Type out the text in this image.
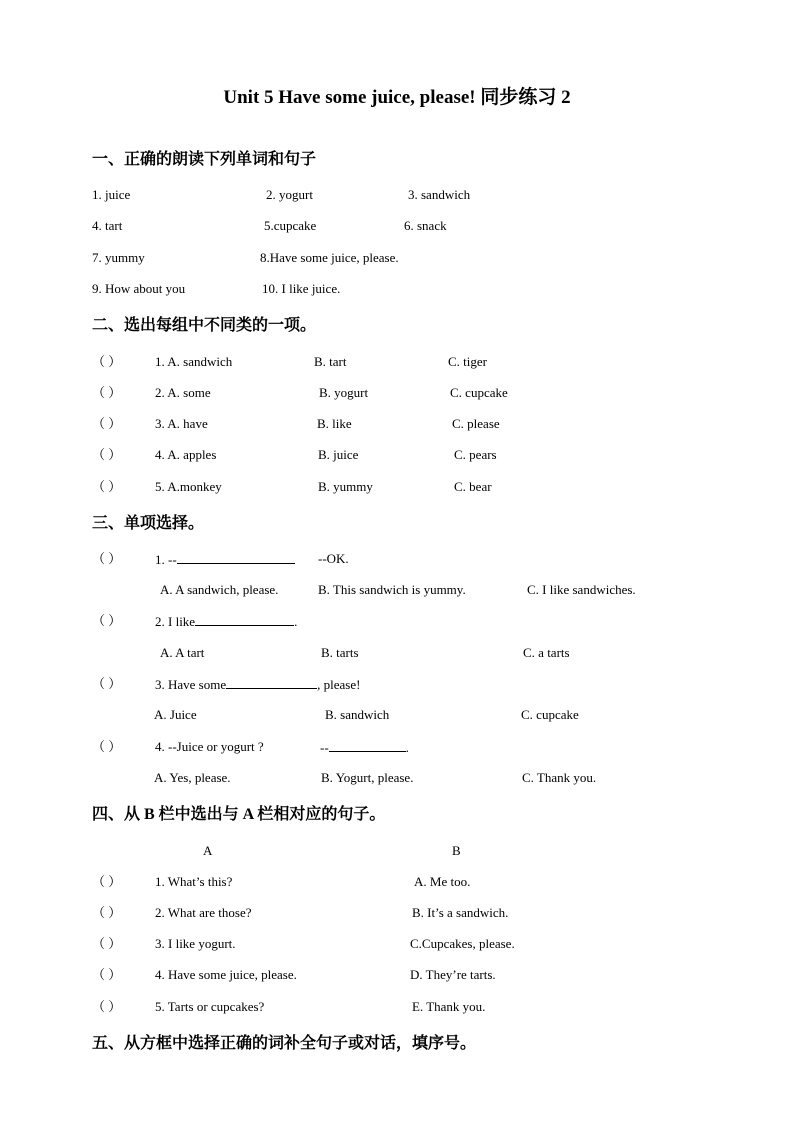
Unit 5 Have some juice, please! 同步练习 2
一、正确的朗读下列单词和句子
1. juice	2. yogurt	3. sandwich
4. tart	5.cupcake	6. snack
7. yummy	8.Have some juice, please.
9. How about you	10. I like juice.
二、选出每组中不同类的一项。
（ ）	1. A. sandwich	B. tart	C. tiger
（ ）	2. A. some	B. yogurt	C. cupcake
（ ）	3. A. have	B. like	C. please
（ ）	4. A. apples	B. juice	C. pears
（ ）	5. A.monkey	B. yummy	C. bear
三、单项选择。
（ ）	1. --	--OK.
A. A sandwich, please.	B. This sandwich is yummy.	C. I like sandwiches.
（ ）	2. I like	.
A. A tart	B. tarts	C. a tarts
（ ）	3. Have some	, please!
A. Juice	B. sandwich	C. cupcake
（ ）	4. --Juice or yogurt ?	--	.
A. Yes, please.	B. Yogurt, please.	C. Thank you.
四、从 B 栏中选出与 A 栏相对应的句子。
A	B
（ ）	1. What’s this?	A. Me too.
（ ）	2. What are those?	B. It’s a sandwich.
（ ）	3. I like yogurt.	C.Cupcakes, please.
（ ）	4. Have some juice, please.	D. They’re tarts.
（ ）	5. Tarts or cupcakes?	E. Thank you.
五、从方框中选择正确的词补全句子或对话，填序号。
